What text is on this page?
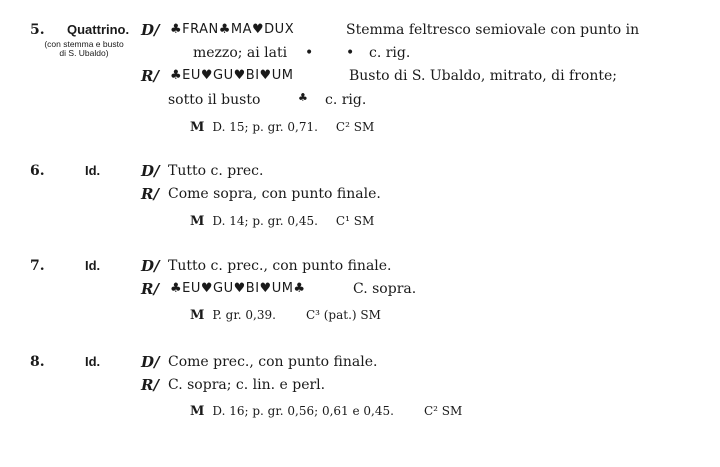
5. Quattrino.
(con stemma e busto
di S. Ubaldo)
D/ ♣FRAN♣MA♥DUX	Stemma feltresco semiovale con punto in
mezzo; ai lati • • c. rig.
R/ ♣EU♥GU♥BI♥UM	Busto di S. Ubaldo, mitrato, di fronte;
sotto il busto	♣ c. rig.
M D. 15; p. gr. 0,71. C² SM
6.	Id.	D/ Tutto c. prec.
R/ Come sopra, con punto finale.
M D. 14; p. gr. 0,45. C¹ SM
7.	Id.	D/ Tutto c. prec., con punto finale.
R/ ♣EU♥GU♥BI♥UM♣	C. sopra.
M P. gr. 0,39.	C³ (pat.) SM
8.	Id.	D/ Come prec., con punto finale.
R/ C. sopra; c. lin. e perl.
M D. 16; p. gr. 0,56; 0,61 e 0,45.	C² SM
